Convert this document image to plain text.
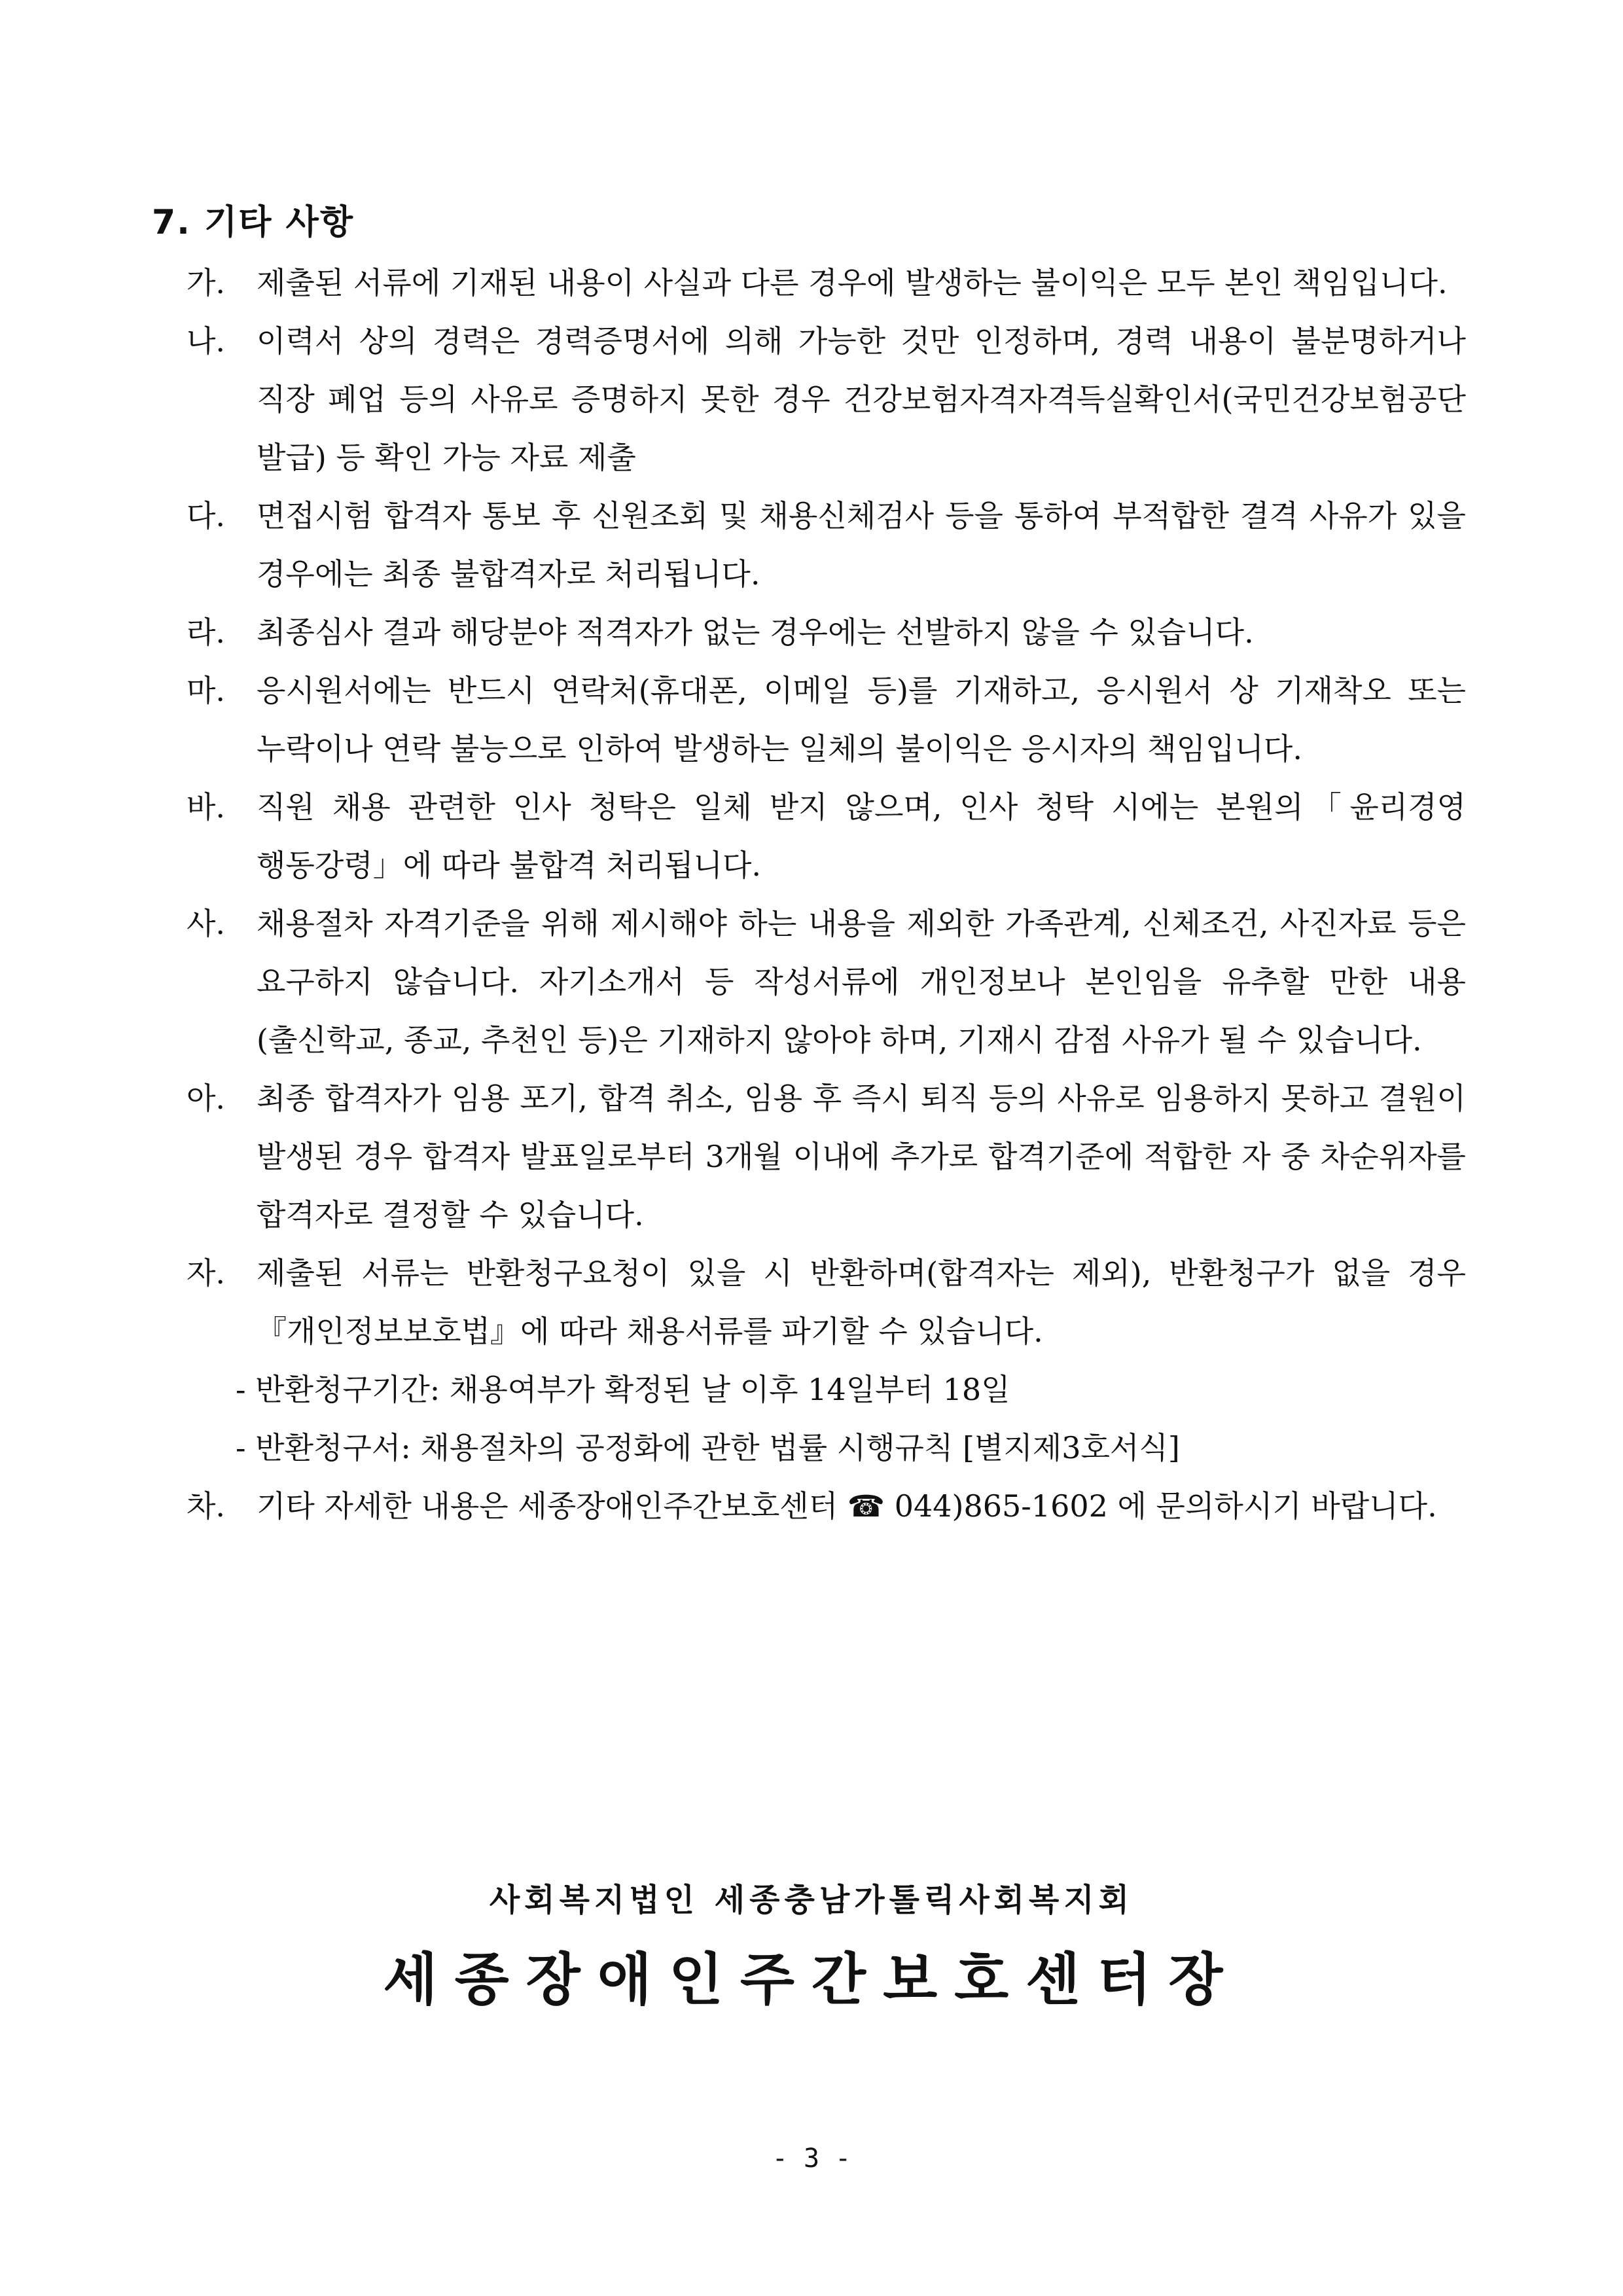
7. 기타 사항
가. 제출된 서류에 기재된 내용이 사실과 다른 경우에 발생하는 불이익은 모두 본인 책임입니다.
나. 이력서 상의 경력은 경력증명서에 의해 가능한 것만 인정하며, 경력 내용이 불분명하거나 직장 폐업 등의 사유로 증명하지 못한 경우 건강보험자격자격득실확인서(국민건강보험공단 발급) 등 확인 가능 자료 제출
다. 면접시험 합격자 통보 후 신원조회 및 채용신체검사 등을 통하여 부적합한 결격 사유가 있을 경우에는 최종 불합격자로 처리됩니다.
라. 최종심사 결과 해당분야 적격자가 없는 경우에는 선발하지 않을 수 있습니다.
마. 응시원서에는 반드시 연락처(휴대폰, 이메일 등)를 기재하고, 응시원서 상 기재착오 또는 누락이나 연락 불능으로 인하여 발생하는 일체의 불이익은 응시자의 책임입니다.
바. 직원 채용 관련한 인사 청탁은 일체 받지 않으며, 인사 청탁 시에는 본원의「윤리경영 행동강령」에 따라 불합격 처리됩니다.
사. 채용절차 자격기준을 위해 제시해야 하는 내용을 제외한 가족관계, 신체조건, 사진자료 등은 요구하지 않습니다. 자기소개서 등 작성서류에 개인정보나 본인임을 유추할 만한 내용(출신학교, 종교, 추천인 등)은 기재하지 않아야 하며, 기재시 감점 사유가 될 수 있습니다.
아. 최종 합격자가 임용 포기, 합격 취소, 임용 후 즉시 퇴직 등의 사유로 임용하지 못하고 결원이 발생된 경우 합격자 발표일로부터 3개월 이내에 추가로 합격기준에 적합한 자 중 차순위자를 합격자로 결정할 수 있습니다.
자. 제출된 서류는 반환청구요청이 있을 시 반환하며(합격자는 제외), 반환청구가 없을 경우『개인정보보호법』에 따라 채용서류를 파기할 수 있습니다.
- 반환청구기간: 채용여부가 확정된 날 이후 14일부터 18일
- 반환청구서: 채용절차의 공정화에 관한 법률 시행규칙 [별지제3호서식]
차. 기타 자세한 내용은 세종장애인주간보호센터 ☎ 044)865-1602 에 문의하시기 바랍니다.
사회복지법인 세종충남가톨릭사회복지회
세종장애인주간보호센터장
- 3 -
